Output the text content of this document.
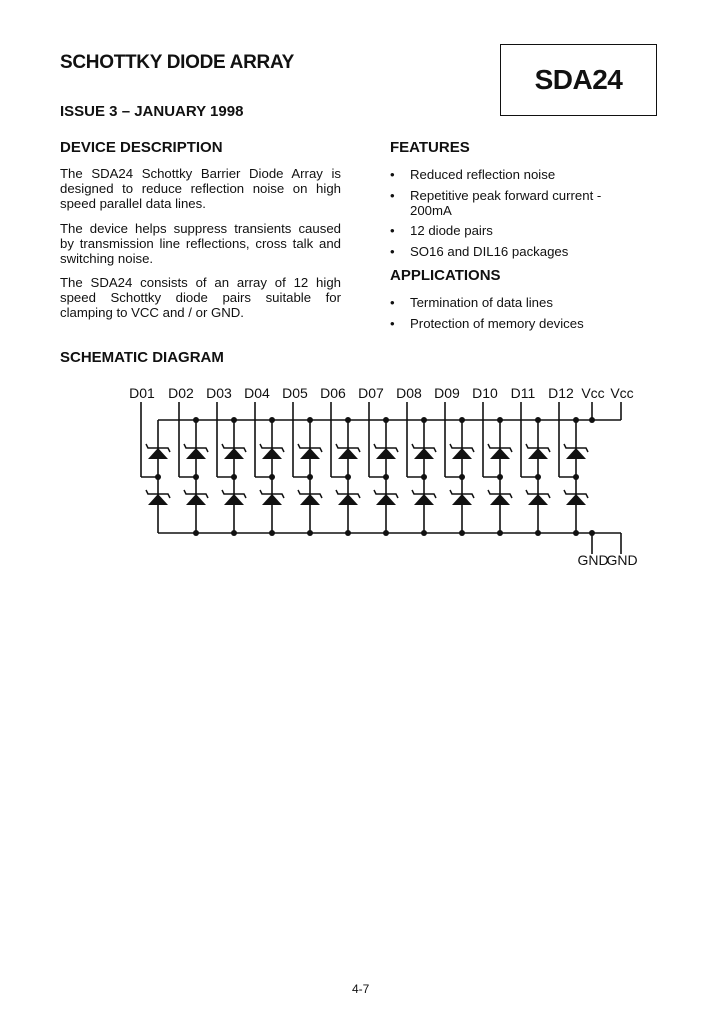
SCHOTTKY DIODE ARRAY
SDA24
ISSUE 3 – JANUARY 1998
DEVICE DESCRIPTION
The SDA24 Schottky Barrier Diode Array is designed to reduce reflection noise on high speed parallel data lines.
The device helps suppress transients caused by transmission line reflections, cross talk and switching noise.
The SDA24 consists of an array of 12 high speed Schottky diode pairs suitable for clamping to VCC and / or GND.
FEATURES
• Reduced reflection noise
• Repetitive peak forward current - 200mA
• 12 diode pairs
• SO16 and DIL16 packages
APPLICATIONS
• Termination of data lines
• Protection of memory devices
SCHEMATIC DIAGRAM
D01 D02 D03 D04 D05 D06 D07 D08 D09 D10 D11 D12 Vcc Vcc
GND
GND
4-7
